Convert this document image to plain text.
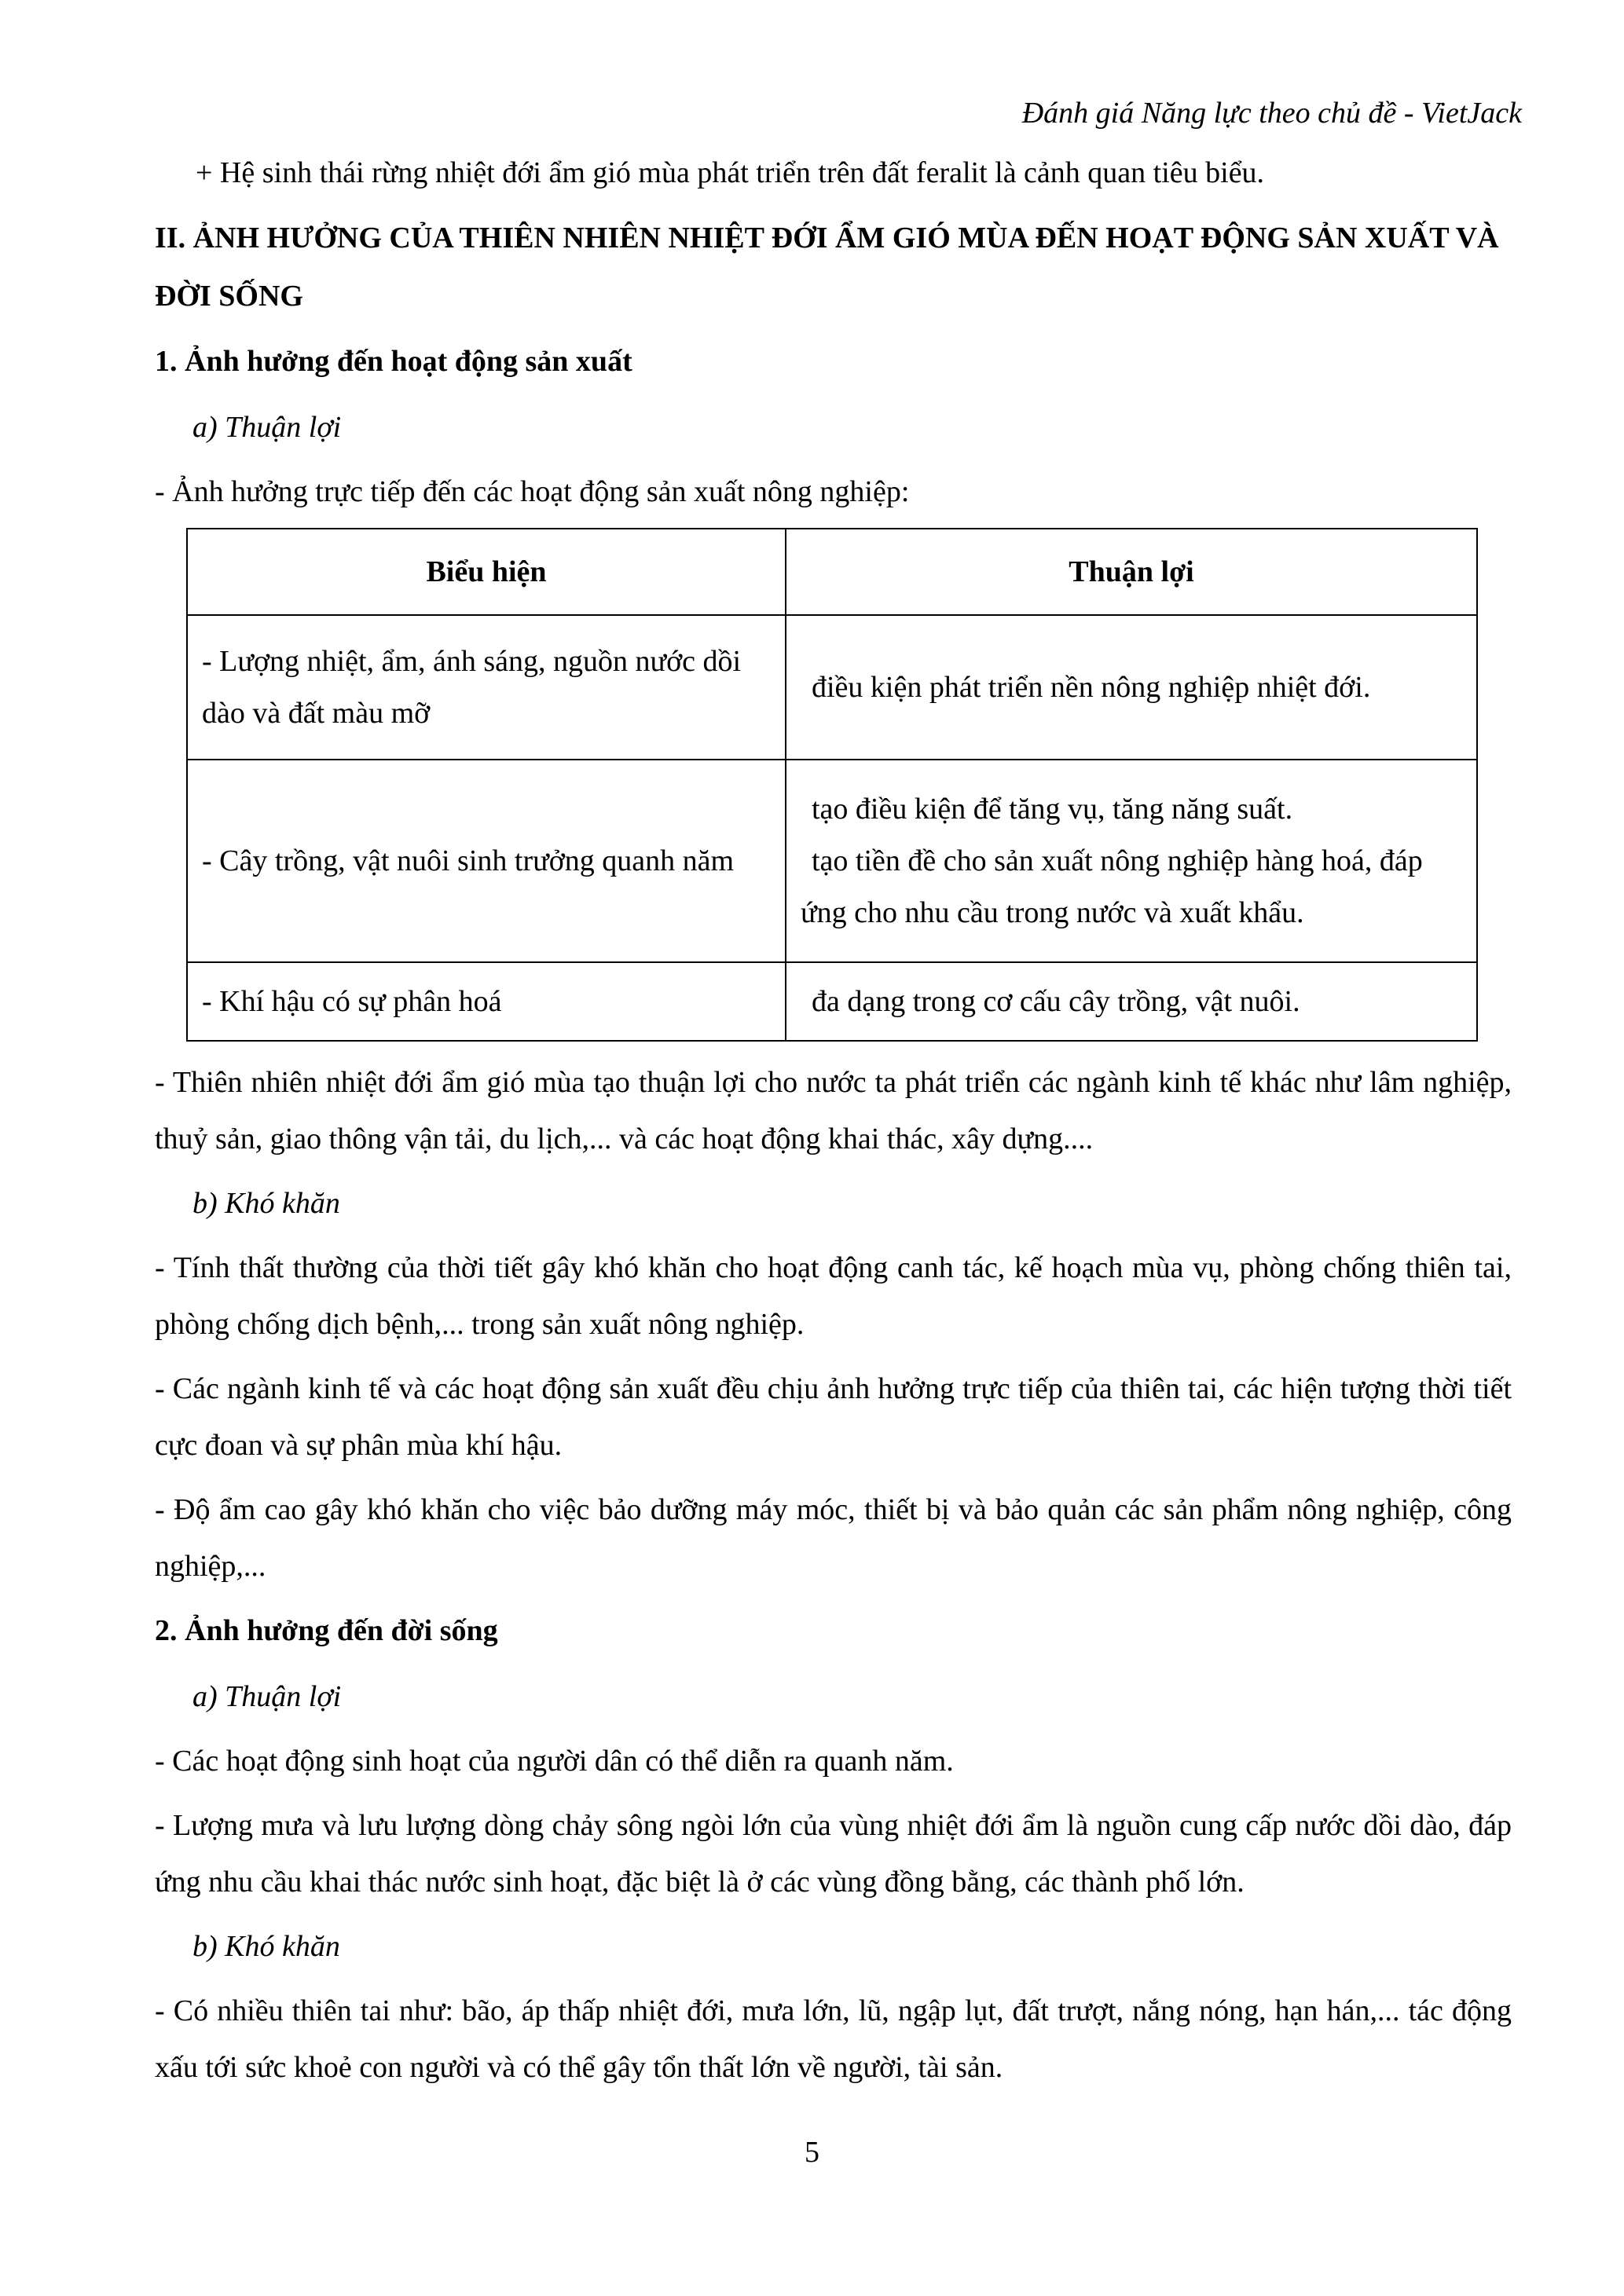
Đánh giá Năng lực theo chủ đề - VietJack

+ Hệ sinh thái rừng nhiệt đới ẩm gió mùa phát triển trên đất feralit là cảnh quan tiêu biểu.

II. ẢNH HƯỞNG CỦA THIÊN NHIÊN NHIỆT ĐỚI ẨM GIÓ MÙA ĐẾN HOẠT ĐỘNG SẢN XUẤT VÀ ĐỜI SỐNG
1. Ảnh hưởng đến hoạt động sản xuất

a) Thuận lợi

- Ảnh hưởng trực tiếp đến các hoạt động sản xuất nông nghiệp:

Biểu hiện	Thuận lợi
- Lượng nhiệt, ẩm, ánh sáng, nguồn nước dồi dào và đất màu mỡ	điều kiện phát triển nền nông nghiệp nhiệt đới.

- Cây trồng, vật nuôi sinh trưởng quanh năm	tạo điều kiện để tăng vụ, tăng năng suất.
tạo tiền đề cho sản xuất nông nghiệp hàng hoá, đáp ứng cho nhu cầu trong nước và xuất khẩu.

- Khí hậu có sự phân hoá	đa dạng trong cơ cấu cây trồng, vật nuôi.

- Thiên nhiên nhiệt đới ẩm gió mùa tạo thuận lợi cho nước ta phát triển các ngành kinh tế khác như lâm nghiệp, thuỷ sản, giao thông vận tải, du lịch,... và các hoạt động khai thác, xây dựng....

b) Khó khăn

- Tính thất thường của thời tiết gây khó khăn cho hoạt động canh tác, kế hoạch mùa vụ, phòng chống thiên tai, phòng chống dịch bệnh,... trong sản xuất nông nghiệp.

- Các ngành kinh tế và các hoạt động sản xuất đều chịu ảnh hưởng trực tiếp của thiên tai, các hiện tượng thời tiết cực đoan và sự phân mùa khí hậu.

- Độ ẩm cao gây khó khăn cho việc bảo dưỡng máy móc, thiết bị và bảo quản các sản phẩm nông nghiệp, công nghiệp,...

2. Ảnh hưởng đến đời sống

a) Thuận lợi

- Các hoạt động sinh hoạt của người dân có thể diễn ra quanh năm.

- Lượng mưa và lưu lượng dòng chảy sông ngòi lớn của vùng nhiệt đới ẩm là nguồn cung cấp nước dồi dào, đáp ứng nhu cầu khai thác nước sinh hoạt, đặc biệt là ở các vùng đồng bằng, các thành phố lớn.

b) Khó khăn

- Có nhiều thiên tai như: bão, áp thấp nhiệt đới, mưa lớn, lũ, ngập lụt, đất trượt, nắng nóng, hạn hán,... tác động xấu tới sức khoẻ con người và có thể gây tổn thất lớn về người, tài sản.

5
